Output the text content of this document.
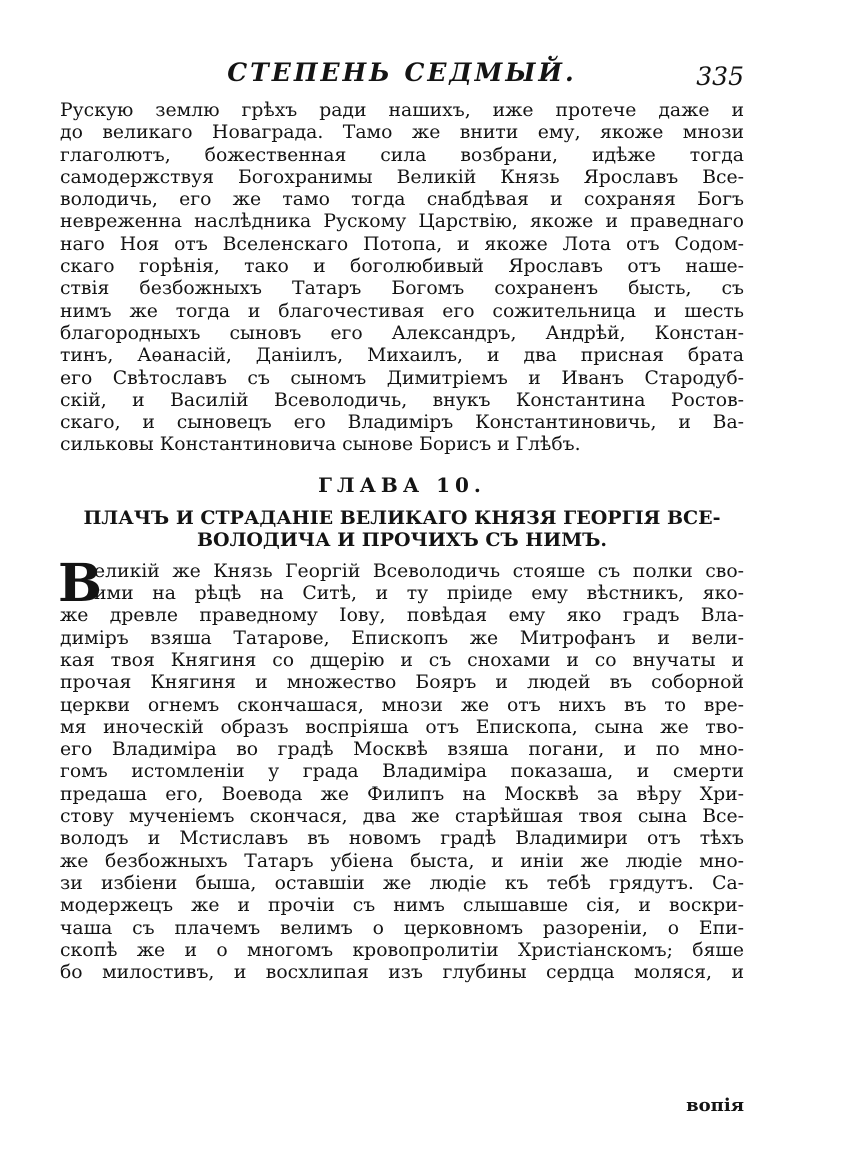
СТЕПЕНЬ СЕДМЫЙ.	335
Рускую землю грѣхъ ради нашихъ, иже протече даже и
до великаго Новаграда. Тамо же внити ему, якоже мнози
глаголютъ, божественная сила возбрани, идѣже тогда
самодержствуя Богохранимы Великій Князь Ярославъ Все-
володичь, его же тамо тогда снабдѣвая и сохраняя Богъ
невреженна наслѣдника Рускому Царствію, якоже и праведнаго
наго Ноя отъ Вселенскаго Потопа, и якоже Лота отъ Содом-
скаго горѣнія, тако и боголюбивый Ярославъ отъ наше-
ствія безбожныхъ Татаръ Богомъ сохраненъ бысть, съ
нимъ же тогда и благочестивая его сожительница и шесть
благородныхъ сыновъ его Александръ, Андрѣй, Констан-
тинъ, Аѳанасій, Даніилъ, Михаилъ, и два присная брата
его Свѣтославъ съ сыномъ Димитріемъ и Иванъ Стародуб-
скій, и Василій Всеволодичь, внукъ Константина Ростов-
скаго, и сыновецъ его Владиміръ Константиновичь, и Ва-
сильковы Константиновича сынове Борисъ и Глѣбъ.
ГЛАВА 10.
ПЛАЧЪ И СТРАДАНІЕ ВЕЛИКАГО КНЯЗЯ ГЕОРГІЯ ВСЕ-
ВОЛОДИЧА И ПРОЧИХЪ СЪ НИМЪ.
В
еликій же Князь Георгій Всеволодичь стояше съ полки сво-
ими на рѣцѣ на Ситѣ, и ту пріиде ему вѣстникъ, яко-
же древле праведному Іову, повѣдая ему яко градъ Вла-
диміръ взяша Татарове, Епископъ же Митрофанъ и вели-
кая твоя Княгиня со дщерію и съ снохами и со внучаты и
прочая Княгиня и множество Бояръ и людей въ соборной
церкви огнемъ скончашася, мнози же отъ нихъ въ то вре-
мя иноческій образъ воспріяша отъ Епископа, сына же тво-
его Владиміра во градѣ Москвѣ взяша погани, и по мно-
гомъ истомленіи у града Владиміра показаша, и смерти
предаша его, Воевода же Филипъ на Москвѣ за вѣру Хри-
стову мученіемъ скончася, два же старѣйшая твоя сына Все-
володъ и Мстиславъ въ новомъ градѣ Владимири отъ тѣхъ
же безбожныхъ Татаръ убіена быста, и иніи же людіе мно-
зи избіени быша, оставшіи же людіе къ тебѣ грядутъ. Са-
модержецъ же и прочіи съ нимъ слышавше сія, и воскри-
чаша съ плачемъ велимъ о церковномъ разореніи, о Епи-
скопѣ же и о многомъ кровопролитіи Христіанскомъ; бяше
бо милостивъ, и восхлипая изъ глубины сердца моляся, и
вопія
